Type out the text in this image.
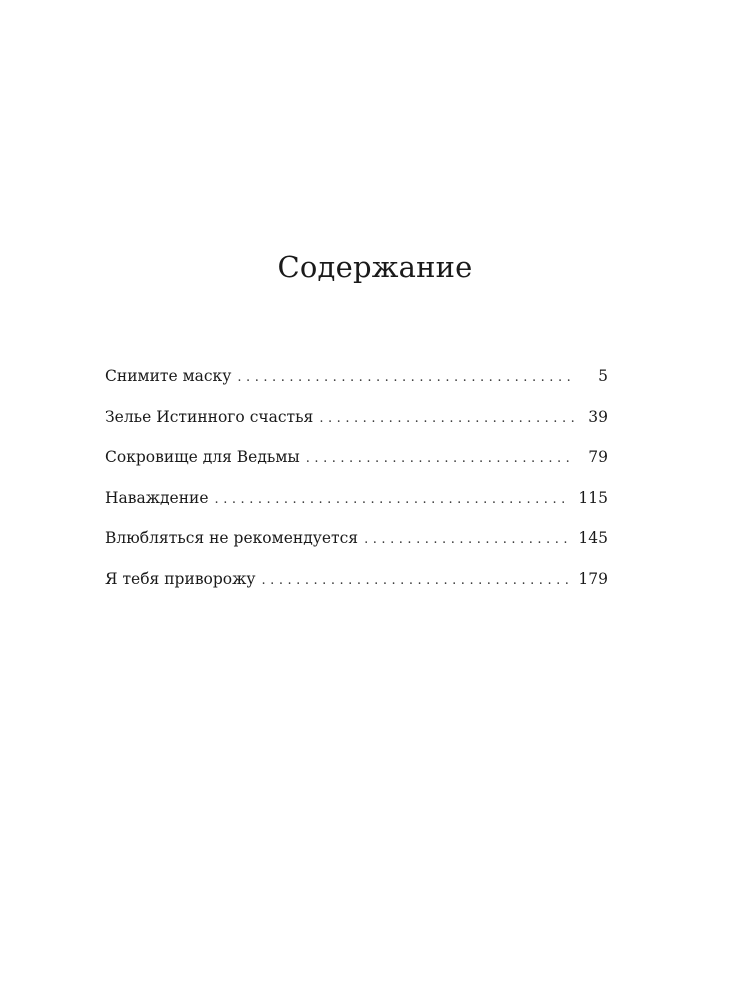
Содержание
Снимите маску . . .	5
Зелье Истинного счастья . . .	39
Сокровище для Ведьмы . . .	79
Наваждение . . .	115
Влюбляться не рекомендуется . . .	145
Я тебя приворожу . . .	179
